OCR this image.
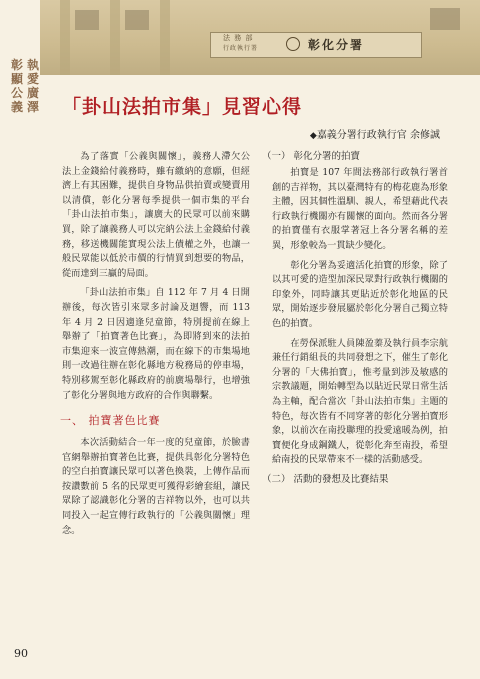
法 務 部
行政執行署	彰化分署
彰顯公義
執愛廣澤 「卦山法拍市集」見習心得
◆嘉義分署行政執行官 余修誠

為了落實「公義與關懷」，義務人滯欠公法上金錢給付義務時，雖有繳納的意願，但經濟上有其困難，提供自身物品供拍賣或變賣用以清償，彰化分署每季提供一個市集的平台「卦山法拍市集」，讓廣大的民眾可以前來購買，除了讓義務人可以完納公法上金錢給付義務，移送機關能實現公法上債權之外，也讓一般民眾能以低於市價的行情買到想要的物品，從而達到三贏的局面。

「卦山法拍市集」自 112 年 7 月 4 日開辦後，每次皆引來眾多討論及迴響，而 113 年 4 月 2 日因適逢兒童節，特別提前在線上舉辦了「拍寶著色比賽」，為即將到來的法拍市集迎來一波宣傳熱潮，而在線下的市集場地則一改過往辦在彰化縣地方稅務局的停車場，特別移駕至彰化縣政府的前廣場舉行，也增強了彰化分署與地方政府的合作與聯繫。

一、 拍寶著色比賽

本次活動結合一年一度的兒童節，於臉書官網舉辦拍寶著色比賽，提供具彰化分署特色的空白拍寶讓民眾可以著色換裝，上傳作品而按讚數前 5 名的民眾更可獲得彩繪套組，讓民眾除了認識彰化分署的吉祥物以外，也可以共同投入一起宣傳行政執行的「公義與關懷」理念。

（一） 彰化分署的拍寶

拍寶是 107 年間法務部行政執行署首創的吉祥物，其以臺灣特有的梅花鹿為形象主體，因其個性溫馴、親人，希望藉此代表行政執行機關亦有關懷的面向。然而各分署的拍寶僅有衣服掌著冠上各分署名稱的差異，形象較為一貫缺少變化。

彰化分署為妥適活化拍寶的形象，除了以其可愛的造型加深民眾對行政執行機關的印象外，同時讓其更貼近於彰化地區的民眾，開始逐步發展屬於彰化分署自己獨立特色的拍寶。

在勞保派駐人員陳盈蓁及執行員李宗航兼任行銷組長的共同發想之下，催生了彰化分署的「大佛拍寶」，惟考量到涉及敏感的宗教議題，開始轉型為以貼近民眾日常生活為主軸，配合當次「卦山法拍市集」主題的特色，每次皆有不同穿著的彰化分署拍寶形象，以前次在南投聯理的投愛遠暖為例，拍寶便化身成鋼鐵人，從彰化奔至南投，希望給南投的民眾帶來不一樣的活動感受。

（二） 活動的發想及比賽結果
90
